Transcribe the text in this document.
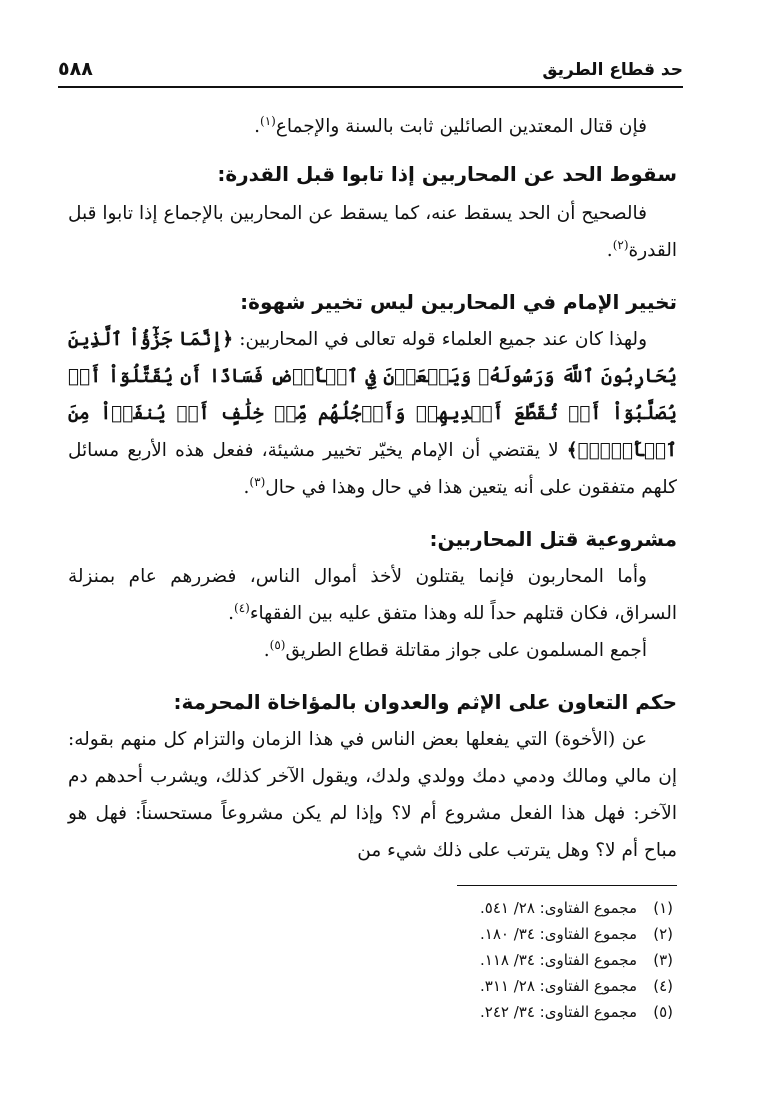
حد قطاع الطريق
٥٨٨

فإن قتال المعتدين الصائلين ثابت بالسنة والإجماع$^{(١)}$.

سقوط الحد عن المحاربين إذا تابوا قبل القدرة:

فالصحيح أن الحد يسقط عنه، كما يسقط عن المحاربين بالإجماع إذا تابوا قبل القدرة$^{(٢)}$.

تخيير الإمام في المحاربين ليس تخيير شهوة:

ولهذا كان عند جميع العلماء قوله تعالى في المحاربين: ﴿إِنَّمَا جَزَٰٓؤُاْ ٱلَّذِينَ يُحَارِبُونَ ٱللَّهَ وَرَسُولَهُۥ وَيَسۡعَوۡنَ فِي ٱلۡأَرۡضِ فَسَادًا أَن يُقَتَّلُوٓاْ أَوۡ يُصَلَّبُوٓاْ أَوۡ تُقَطَّعَ أَيۡدِيهِمۡ وَأَرۡجُلُهُم مِّنۡ خِلَٰفٍ أَوۡ يُنفَوۡاْ مِنَ ٱلۡأَرۡضِۚ﴾ لا يقتضي أن الإمام يخيّر تخيير مشيئة، ففعل هذه الأربع مسائل كلهم متفقون على أنه يتعين هذا في حال وهذا في حال$^{(٣)}$.

مشروعية قتل المحاربين:

وأما المحاربون فإنما يقتلون لأخذ أموال الناس، فضررهم عام بمنزلة السراق، فكان قتلهم حداً لله وهذا متفق عليه بين الفقهاء$^{(٤)}$.

أجمع المسلمون على جواز مقاتلة قطاع الطريق$^{(٥)}$.

حكم التعاون على الإثم والعدوان بالمؤاخاة المحرمة:

عن (الأخوة) التي يفعلها بعض الناس في هذا الزمان والتزام كل منهم بقوله: إن مالي ومالك ودمي دمك وولدي ولدك، ويقول الآخر كذلك، ويشرب أحدهم دم الآخر: فهل هذا الفعل مشروع أم لا؟ وإذا لم يكن مشروعاً مستحسناً: فهل هو مباح أم لا؟ وهل يترتب على ذلك شيء من

(١)
مجموع الفتاوى: ٢٨/ ٥٤١.
(٢)
مجموع الفتاوى: ٣٤/ ١٨٠.
(٣)
مجموع الفتاوى: ٣٤/ ١١٨.
(٤)
مجموع الفتاوى: ٢٨/ ٣١١.
(٥)
مجموع الفتاوى: ٣٤/ ٢٤٢.
